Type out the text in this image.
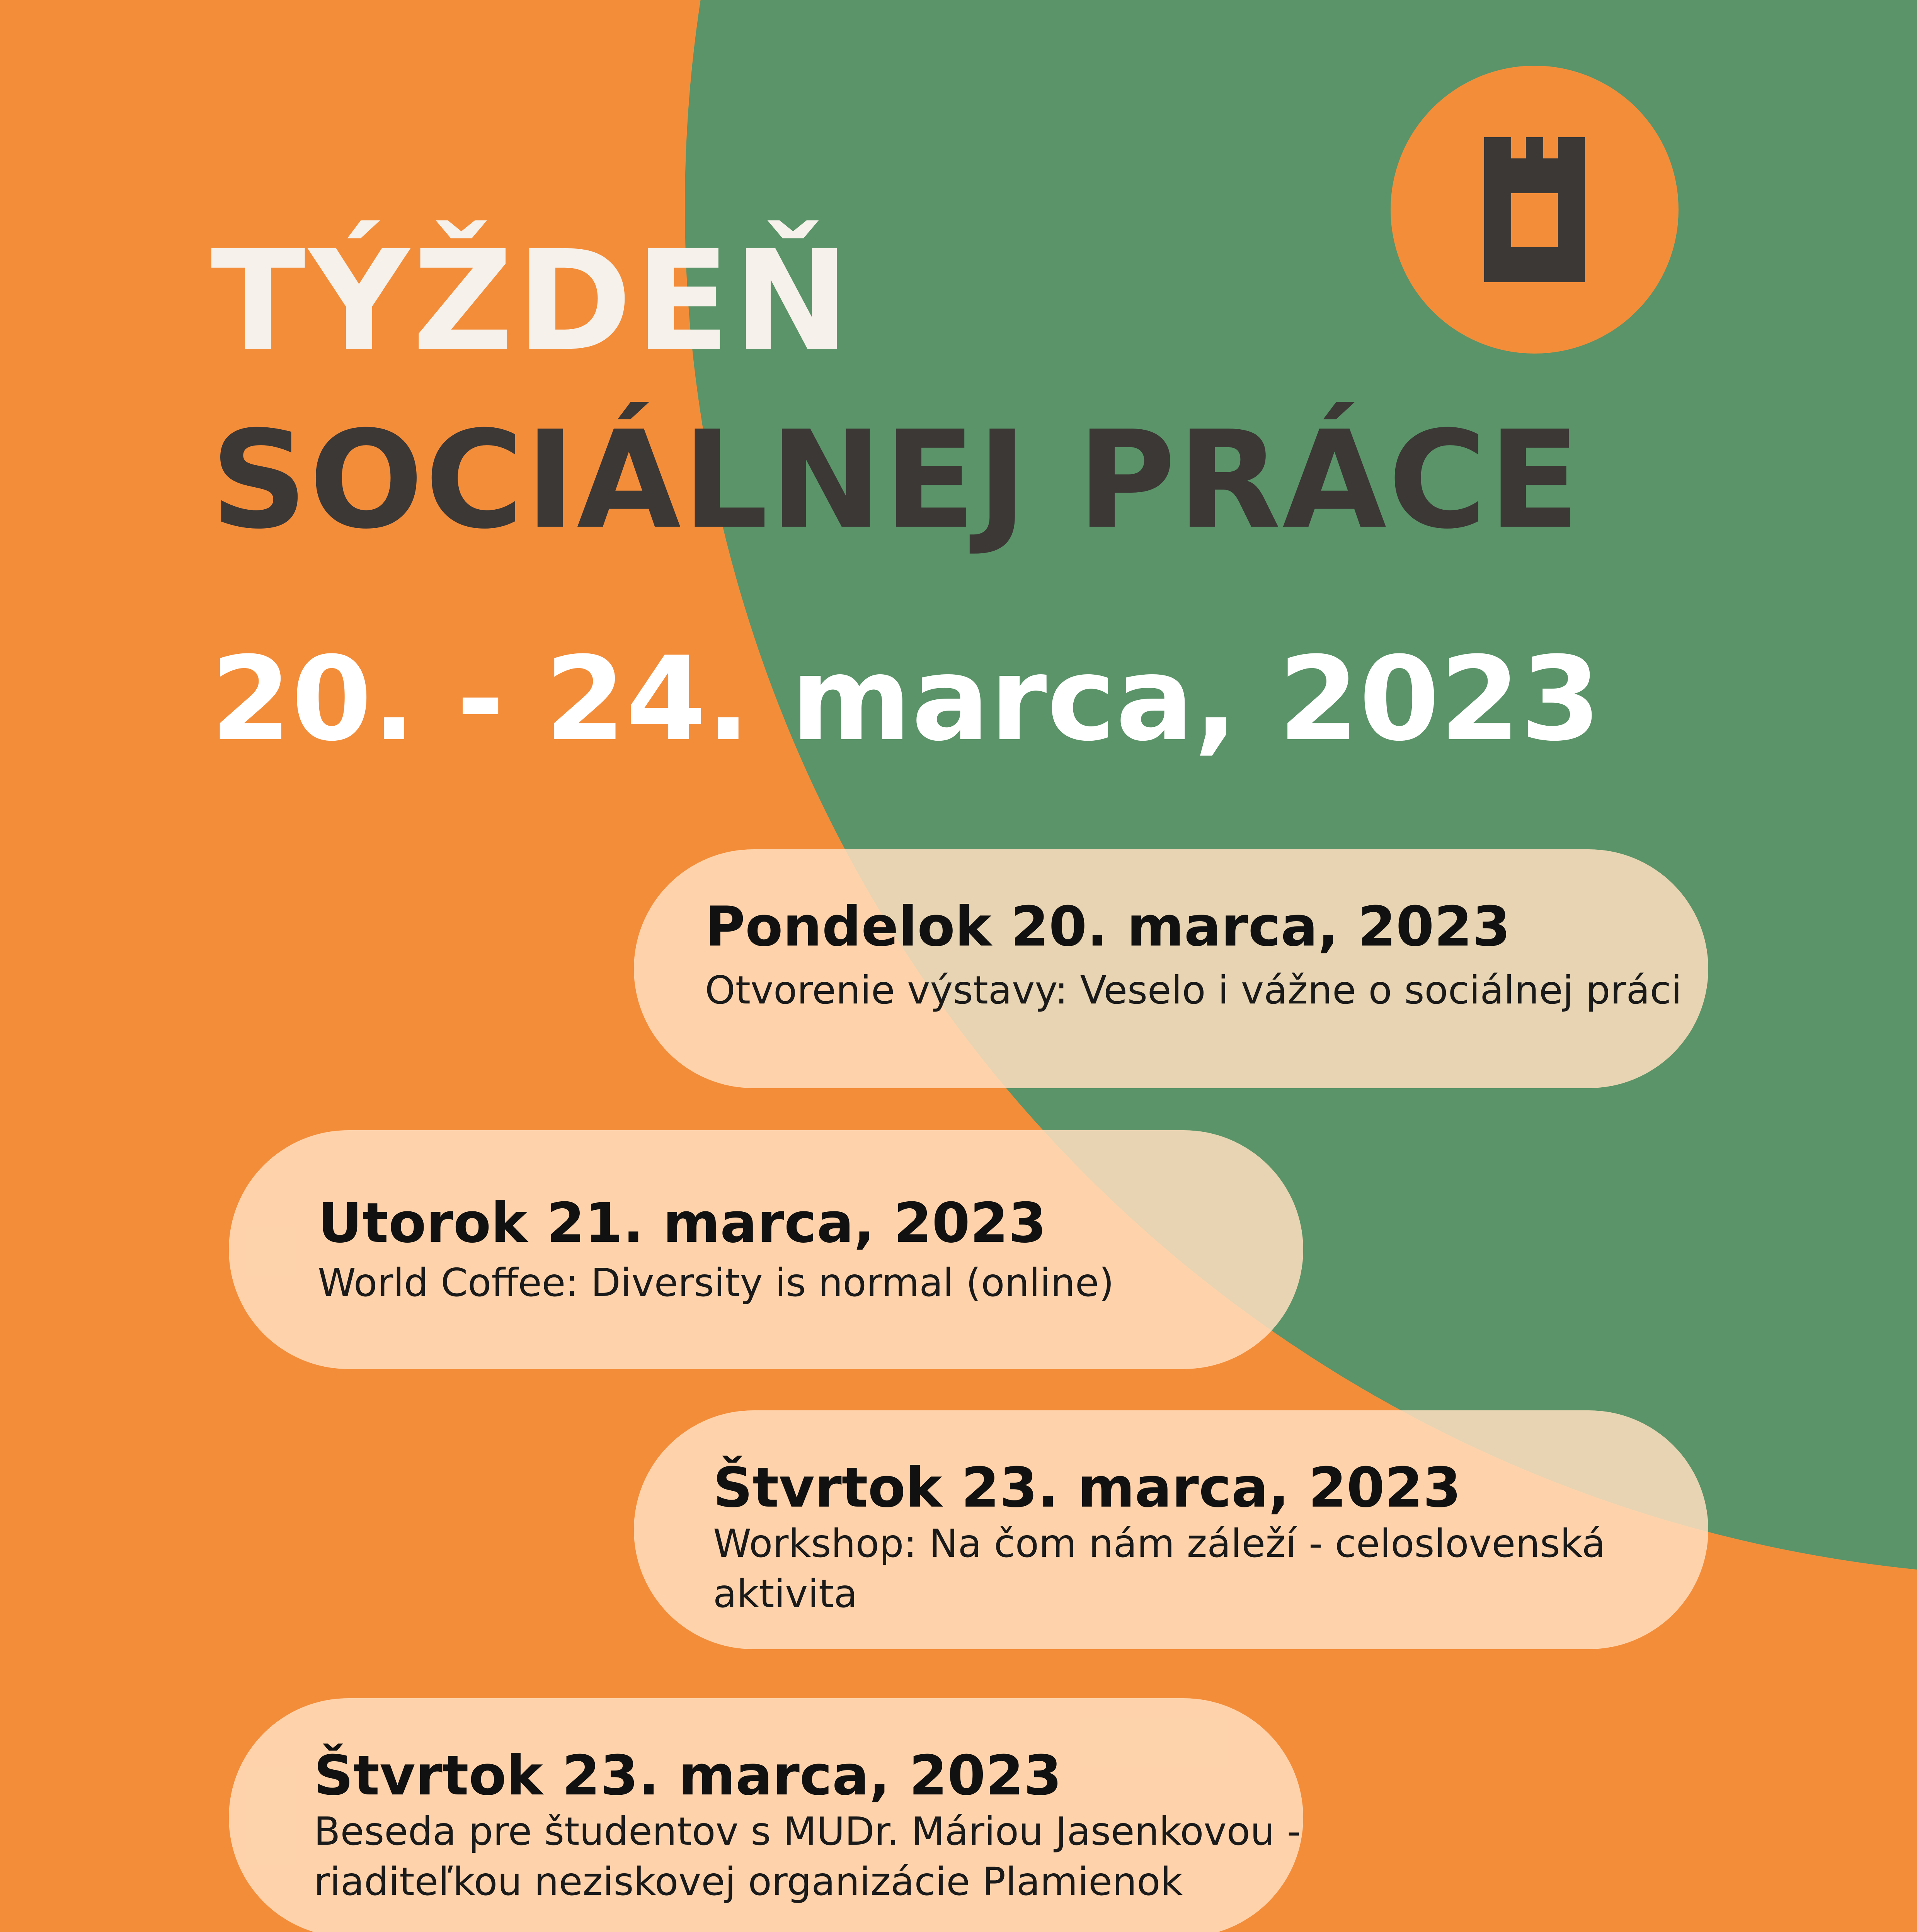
TÝŽDEŇ
SOCIÁLNEJ PRÁCE
20. - 24. marca, 2023

Pondelok 20. marca, 2023

Otvorenie výstavy: Veselo i vážne o sociálnej práci

Utorok 21. marca, 2023

World Coffee: Diversity is normal (online)

Štvrtok 23. marca, 2023

Workshop: Na čom nám záleží - celoslovenská
aktivita

Štvrtok 23. marca, 2023

Beseda pre študentov s MUDr. Máriou Jasenkovou -
riaditeľkou neziskovej organizácie Plamienok
